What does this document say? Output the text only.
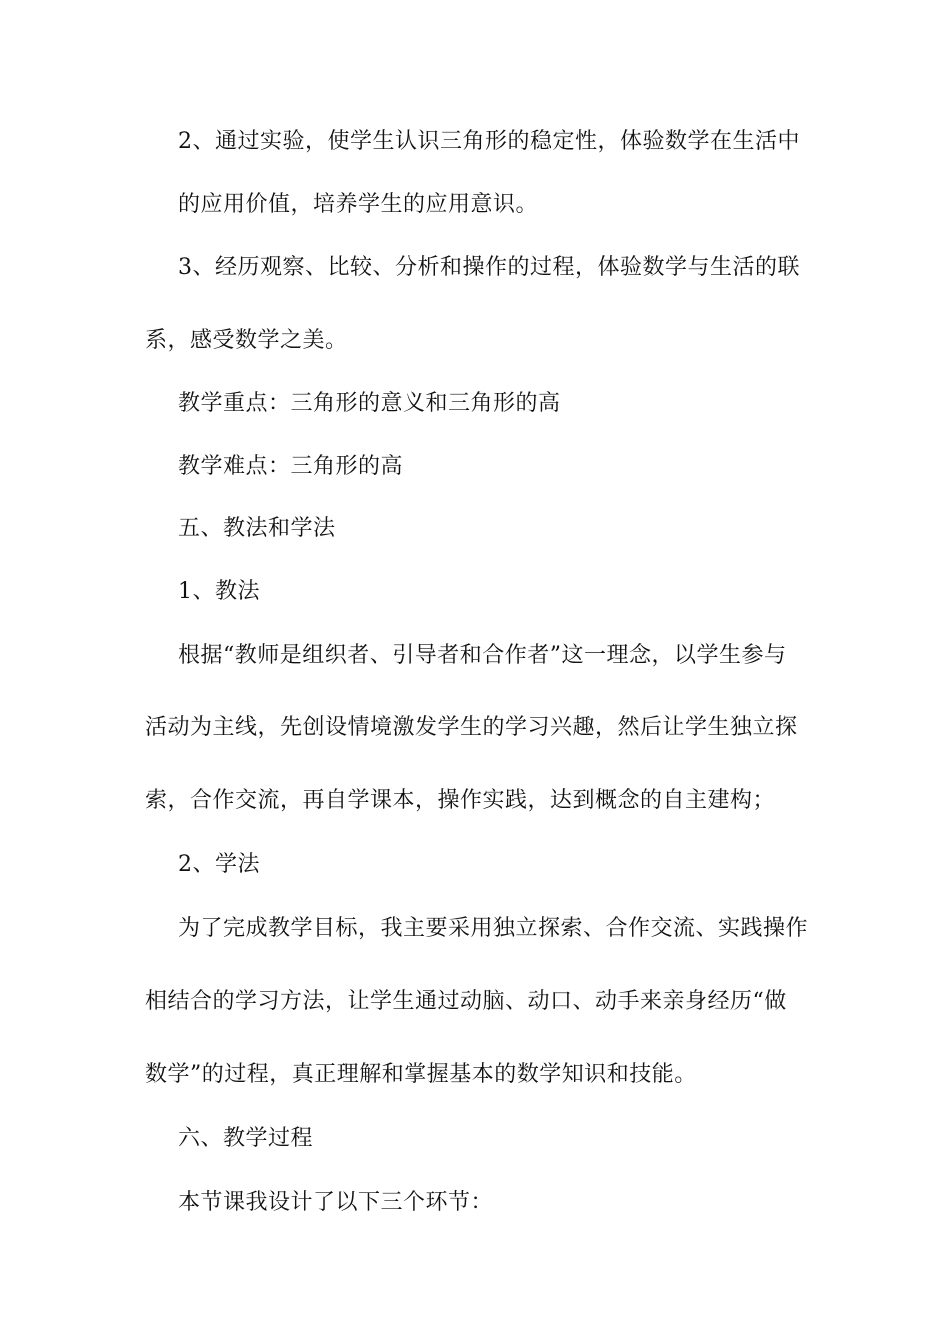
2、通过实验，使学生认识三角形的稳定性，体验数学在生活中
的应用价值，培养学生的应用意识。
3、经历观察、比较、分析和操作的过程，体验数学与生活的联
系，感受数学之美。
教学重点：三角形的意义和三角形的高
教学难点：三角形的高
五、教法和学法
1、教法
根据“教师是组织者、引导者和合作者”这一理念，以学生参与
活动为主线，先创设情境激发学生的学习兴趣，然后让学生独立探
索，合作交流，再自学课本，操作实践，达到概念的自主建构；
2、学法
为了完成教学目标，我主要采用独立探索、合作交流、实践操作
相结合的学习方法，让学生通过动脑、动口、动手来亲身经历“做
数学”的过程，真正理解和掌握基本的数学知识和技能。
六、教学过程
本节课我设计了以下三个环节：
